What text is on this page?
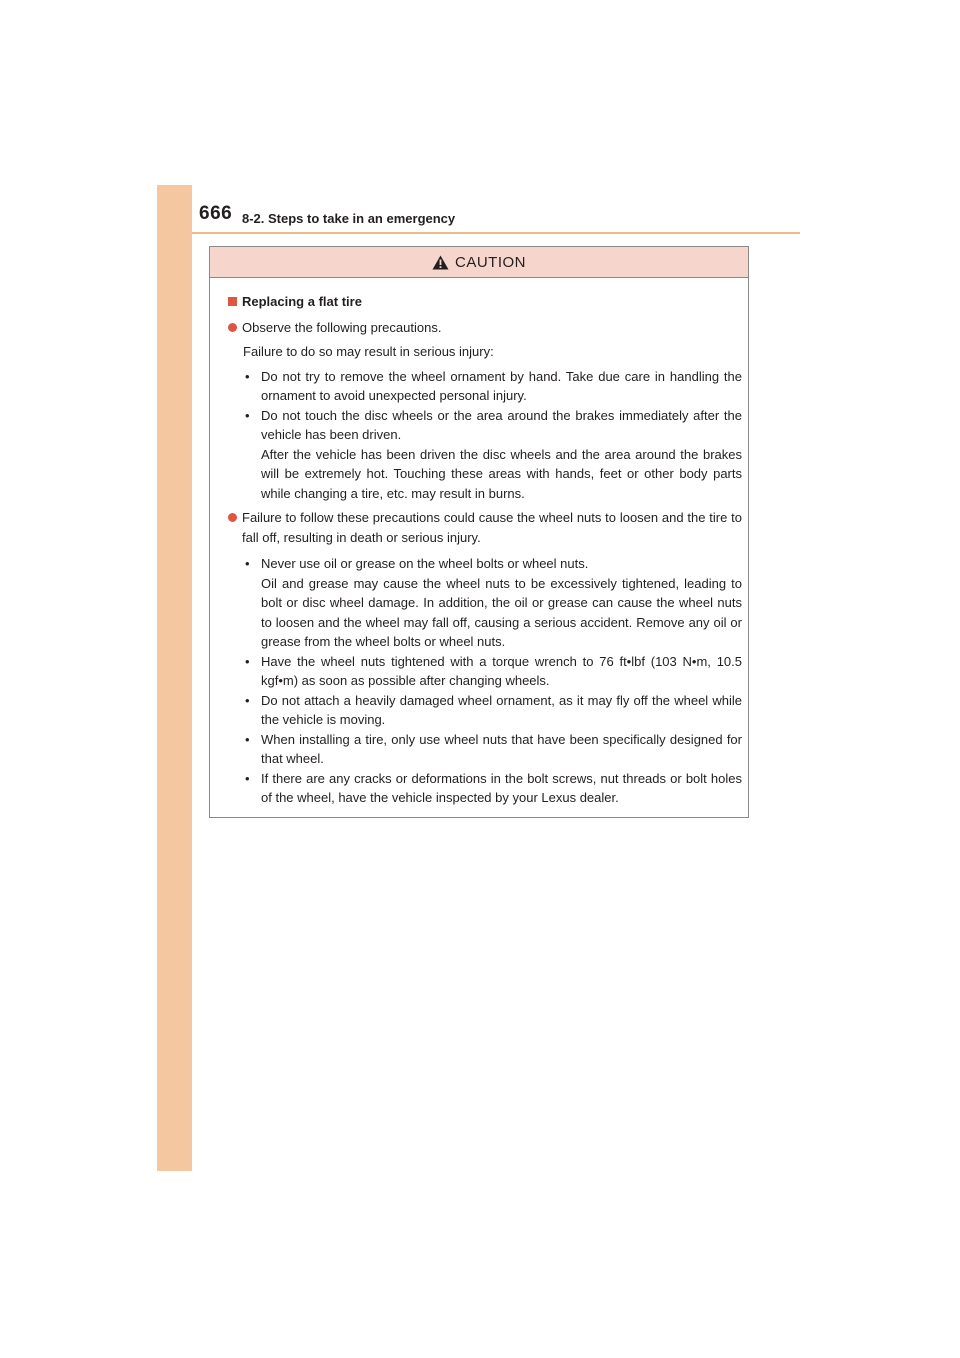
666 8-2. Steps to take in an emergency
CAUTION
Replacing a flat tire
Observe the following precautions.
Failure to do so may result in serious injury:
• Do not try to remove the wheel ornament by hand. Take due care in handling the ornament to avoid unexpected personal injury.
• Do not touch the disc wheels or the area around the brakes immediately after the vehicle has been driven.
After the vehicle has been driven the disc wheels and the area around the brakes will be extremely hot. Touching these areas with hands, feet or other body parts while changing a tire, etc. may result in burns.
Failure to follow these precautions could cause the wheel nuts to loosen and the tire to fall off, resulting in death or serious injury.
• Never use oil or grease on the wheel bolts or wheel nuts.
Oil and grease may cause the wheel nuts to be excessively tightened, leading to bolt or disc wheel damage. In addition, the oil or grease can cause the wheel nuts to loosen and the wheel may fall off, causing a serious accident. Remove any oil or grease from the wheel bolts or wheel nuts.
• Have the wheel nuts tightened with a torque wrench to 76 ft•lbf (103 N•m, 10.5 kgf•m) as soon as possible after changing wheels.
• Do not attach a heavily damaged wheel ornament, as it may fly off the wheel while the vehicle is moving.
• When installing a tire, only use wheel nuts that have been specifically designed for that wheel.
• If there are any cracks or deformations in the bolt screws, nut threads or bolt holes of the wheel, have the vehicle inspected by your Lexus dealer.
